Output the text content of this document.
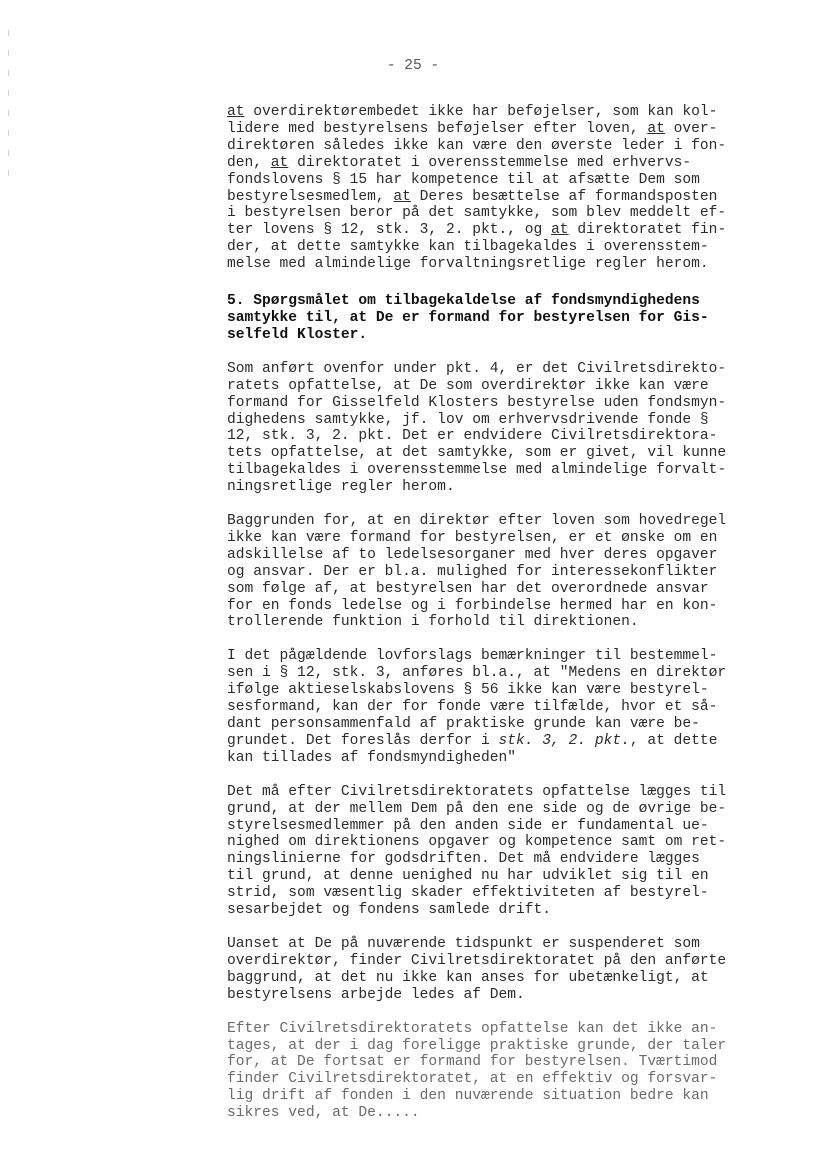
- 25 -

at overdirektørembedet ikke har beføjelser, som kan kol-

lidere med bestyrelsens beføjelser efter loven, at over-

direktøren således ikke kan være den øverste leder i fon-

den, at direktoratet i overensstemmelse med erhvervs-

fondslovens § 15 har kompetence til at afsætte Dem som

bestyrelsesmedlem, at Deres besættelse af formandsposten

i bestyrelsen beror på det samtykke, som blev meddelt ef-

ter lovens § 12, stk. 3, 2. pkt., og at direktoratet fin-

der, at dette samtykke kan tilbagekaldes i overensstem-

melse med almindelige forvaltningsretlige regler herom.

5. Spørgsmålet om tilbagekaldelse af fondsmyndighedens

samtykke til, at De er formand for bestyrelsen for Gis-

selfeld Kloster.

Som anført ovenfor under pkt. 4, er det Civilretsdirekto-

ratets opfattelse, at De som overdirektør ikke kan være

formand for Gisselfeld Klosters bestyrelse uden fondsmyn-

dighedens samtykke, jf. lov om erhvervsdrivende fonde §

12, stk. 3, 2. pkt. Det er endvidere Civilretsdirektora-

tets opfattelse, at det samtykke, som er givet, vil kunne

tilbagekaldes i overensstemmelse med almindelige forvalt-

ningsretlige regler herom.

Baggrunden for, at en direktør efter loven som hovedregel

ikke kan være formand for bestyrelsen, er et ønske om en

adskillelse af to ledelsesorganer med hver deres opgaver

og ansvar. Der er bl.a. mulighed for interessekonflikter

som følge af, at bestyrelsen har det overordnede ansvar

for en fonds ledelse og i forbindelse hermed har en kon-

trollerende funktion i forhold til direktionen.

I det pågældende lovforslags bemærkninger til bestemmel-

sen i § 12, stk. 3, anføres bl.a., at "Medens en direktør

ifølge aktieselskabslovens § 56 ikke kan være bestyrel-

sesformand, kan der for fonde være tilfælde, hvor et så-

dant personsammenfald af praktiske grunde kan være be-

grundet. Det foreslås derfor i stk. 3, 2. pkt., at dette

kan tillades af fondsmyndigheden"

Det må efter Civilretsdirektoratets opfattelse lægges til

grund, at der mellem Dem på den ene side og de øvrige be-

styrelsesmedlemmer på den anden side er fundamental ue-

nighed om direktionens opgaver og kompetence samt om ret-

ningslinierne for godsdriften. Det må endvidere lægges

til grund, at denne uenighed nu har udviklet sig til en

strid, som væsentlig skader effektiviteten af bestyrel-

sesarbejdet og fondens samlede drift.

Uanset at De på nuværende tidspunkt er suspenderet som

overdirektør, finder Civilretsdirektoratet på den anførte

baggrund, at det nu ikke kan anses for ubetænkeligt, at

bestyrelsens arbejde ledes af Dem.

Efter Civilretsdirektoratets opfattelse kan det ikke an-

tages, at der i dag foreligge praktiske grunde, der taler

for, at De fortsat er formand for bestyrelsen. Tværtimod

finder Civilretsdirektoratet, at en effektiv og forsvar-

lig drift af fonden i den nuværende situation bedre kan

sikres ved, at De.....
